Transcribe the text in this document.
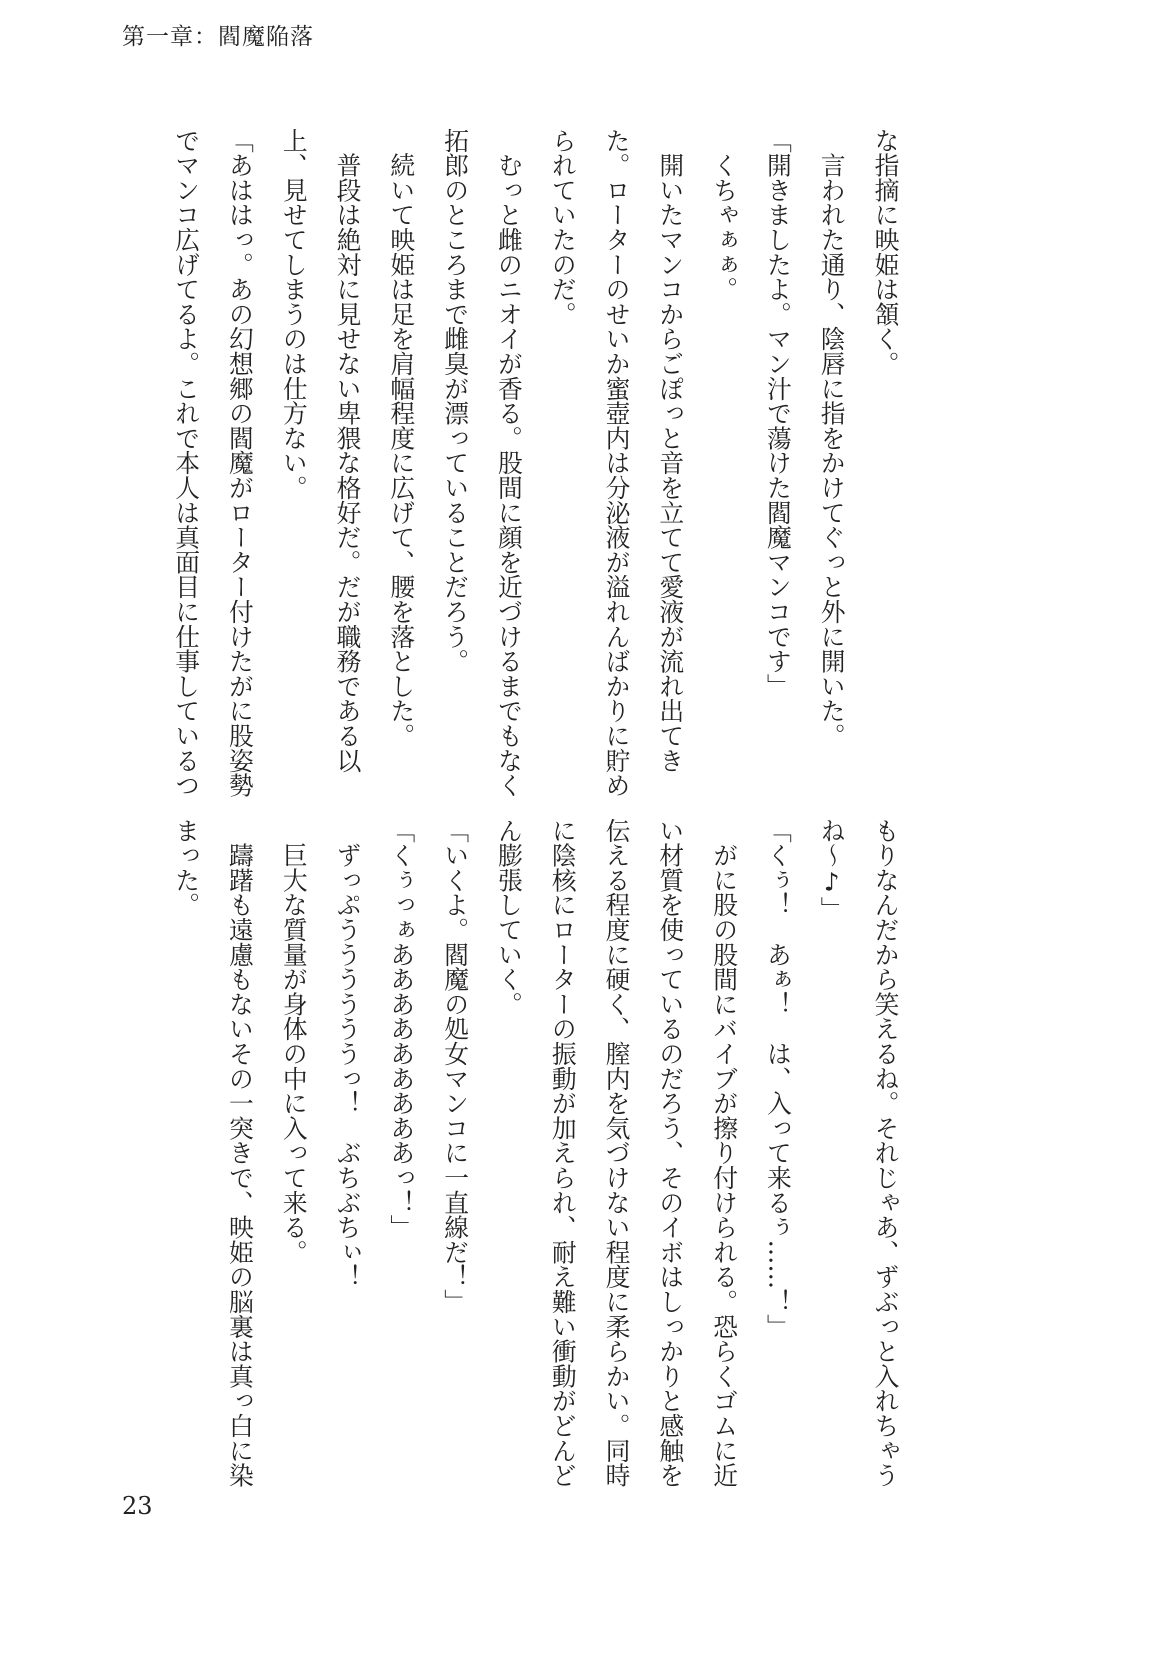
第一章：閻魔陥落
な指摘に映姫は頷く。
　言われた通り、陰唇に指をかけてぐっと外に開いた。
「開きましたよ。マン汁で蕩けた閻魔マンコです」
　くちゃぁぁ。
　開いたマンコからごぽっと音を立てて愛液が流れ出てき
た。ローターのせいか蜜壺内は分泌液が溢れんばかりに貯め
られていたのだ。
　むっと雌のニオイが香る。股間に顔を近づけるまでもなく
拓郎のところまで雌臭が漂っていることだろう。
　続いて映姫は足を肩幅程度に広げて、腰を落とした。
　普段は絶対に見せない卑猥な格好だ。だが職務である以
上、見せてしまうのは仕方ない。
「あははっ。あの幻想郷の閻魔がローター付けたがに股姿勢
でマンコ広げてるよ。これで本人は真面目に仕事しているつ
もりなんだから笑えるね。それじゃあ、ずぶっと入れちゃう
ね～♪」
「くぅ！　あぁ！　は、入って来るぅ……！」
　がに股の股間にバイブが擦り付けられる。恐らくゴムに近
い材質を使っているのだろう、そのイボはしっかりと感触を
伝える程度に硬く、膣内を気づけない程度に柔らかい。同時
に陰核にローターの振動が加えられ、耐え難い衝動がどんど
ん膨張していく。
「いくよ。閻魔の処女マンコに一直線だ！」
「くぅっぁあああああああああっ！」
　ずっぷううううううっ！　ぶちぶちぃ！
　巨大な質量が身体の中に入って来る。
　躊躇も遠慮もないその一突きで、映姫の脳裏は真っ白に染
まった。
23
